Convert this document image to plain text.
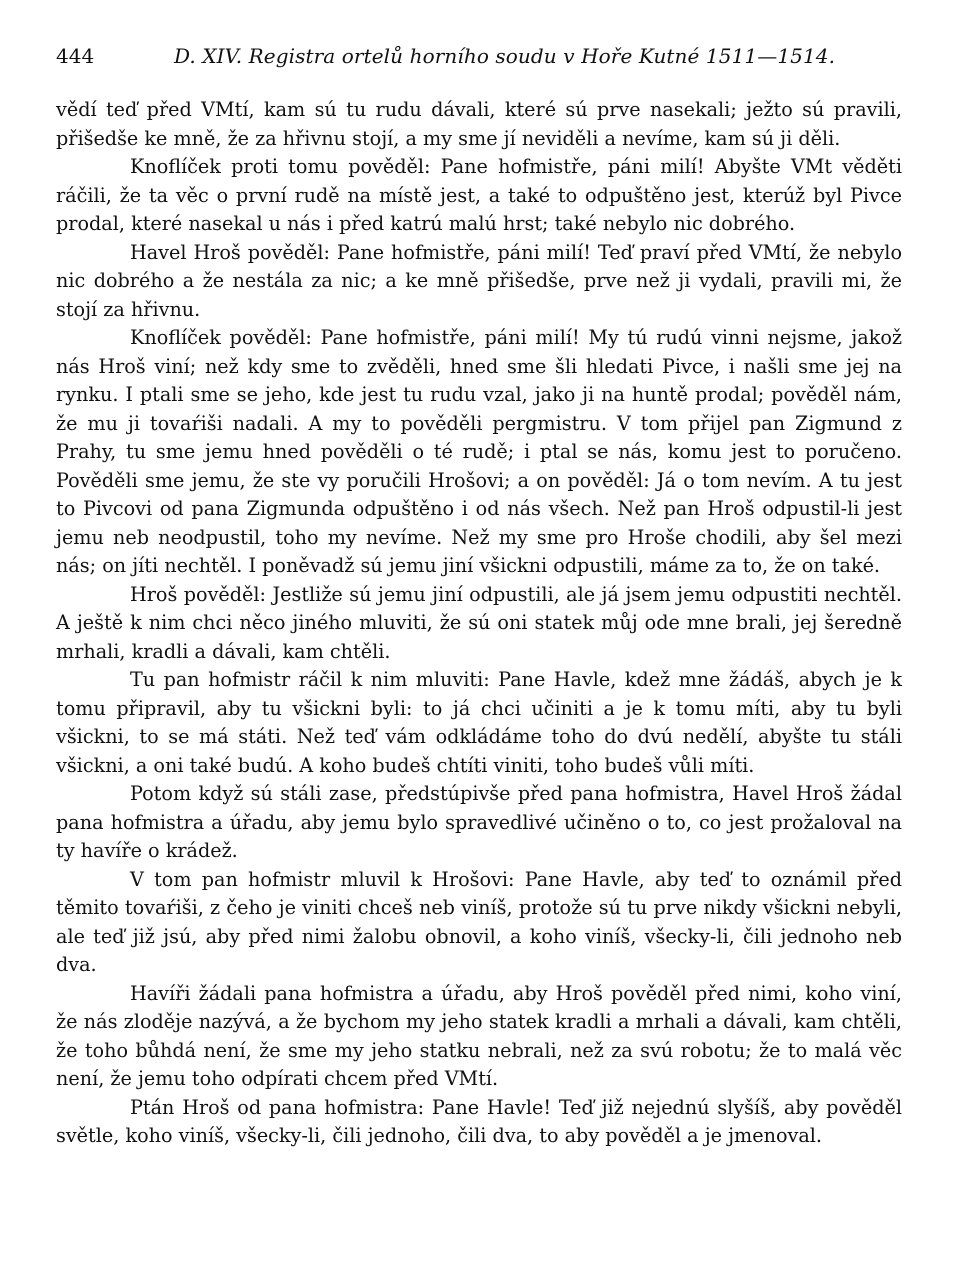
444	D. XIV. Registra ortelů horního soudu v Hoře Kutné 1511—1514.

vědí teď před VMtí, kam sú tu rudu dávali, které sú prve nasekali; ježto sú pravili, přišedše ke mně, že za hřivnu stojí, a my sme jí neviděli a nevíme, kam sú ji děli.

Knoflíček proti tomu pověděl: Pane hofmistře, páni milí! Abyšte VMt věděti ráčili, že ta věc o první rudě na místě jest, a také to odpuštěno jest, kterúž byl Pivce prodal, které nasekal u nás i před katrú malú hrst; také nebylo nic dobrého.

Havel Hroš pověděl: Pane hofmistře, páni milí! Teď praví před VMtí, že nebylo nic dobrého a že nestála za nic; a ke mně přišedše, prve než ji vydali, pravili mi, že stojí za hřivnu.

Knoflíček pověděl: Pane hofmistře, páni milí! My tú rudú vinni nejsme, jakož nás Hroš viní; než kdy sme to zvěděli, hned sme šli hledati Pivce, i našli sme jej na rynku. I ptali sme se jeho, kde jest tu rudu vzal, jako ji na huntě prodal; pověděl nám, že mu ji tovaŕiši nadali. A my to pověděli pergmistru. V tom přijel pan Zigmund z Prahy, tu sme jemu hned pověděli o té rudě; i ptal se nás, komu jest to poručeno. Pověděli sme jemu, že ste vy poručili Hrošovi; a on pověděl: Já o tom nevím. A tu jest to Pivcovi od pana Zigmunda odpuštěno i od nás všech. Než pan Hroš odpustil-li jest jemu neb neodpustil, toho my nevíme. Než my sme pro Hroše chodili, aby šel mezi nás; on jíti nechtěl. I poněvadž sú jemu jiní všickni odpustili, máme za to, že on také.

Hroš pověděl: Jestliže sú jemu jiní odpustili, ale já jsem jemu odpustiti nechtěl. A ještě k nim chci něco jiného mluviti, že sú oni statek můj ode mne brali, jej šeredně mrhali, kradli a dávali, kam chtěli.

Tu pan hofmistr ráčil k nim mluviti: Pane Havle, kdež mne žádáš, abych je k tomu připravil, aby tu všickni byli: to já chci učiniti a je k tomu míti, aby tu byli všickni, to se má státi. Než teď vám odkládáme toho do dvú nedělí, abyšte tu stáli všickni, a oni také budú. A koho budeš chtíti viniti, toho budeš vůli míti.

Potom když sú stáli zase, předstúpivše před pana hofmistra, Havel Hroš žádal pana hofmistra a úřadu, aby jemu bylo spravedlivé učiněno o to, co jest prožaloval na ty havíře o krádež.

V tom pan hofmistr mluvil k Hrošovi: Pane Havle, aby teď to oznámil před těmito tovaŕiši, z čeho je viniti chceš neb viníš, protože sú tu prve nikdy všickni nebyli, ale teď již jsú, aby před nimi žalobu obnovil, a koho viníš, všecky-li, čili jednoho neb dva.

Havíři žádali pana hofmistra a úřadu, aby Hroš pověděl před nimi, koho viní, že nás zloděje nazývá, a že bychom my jeho statek kradli a mrhali a dávali, kam chtěli, že toho bůhdá není, že sme my jeho statku nebrali, než za svú robotu; že to malá věc není, že jemu toho odpírati chcem před VMtí.

Ptán Hroš od pana hofmistra: Pane Havle! Teď již nejednú slyšíš, aby pověděl světle, koho viníš, všecky-li, čili jednoho, čili dva, to aby pověděl a je jmenoval.
